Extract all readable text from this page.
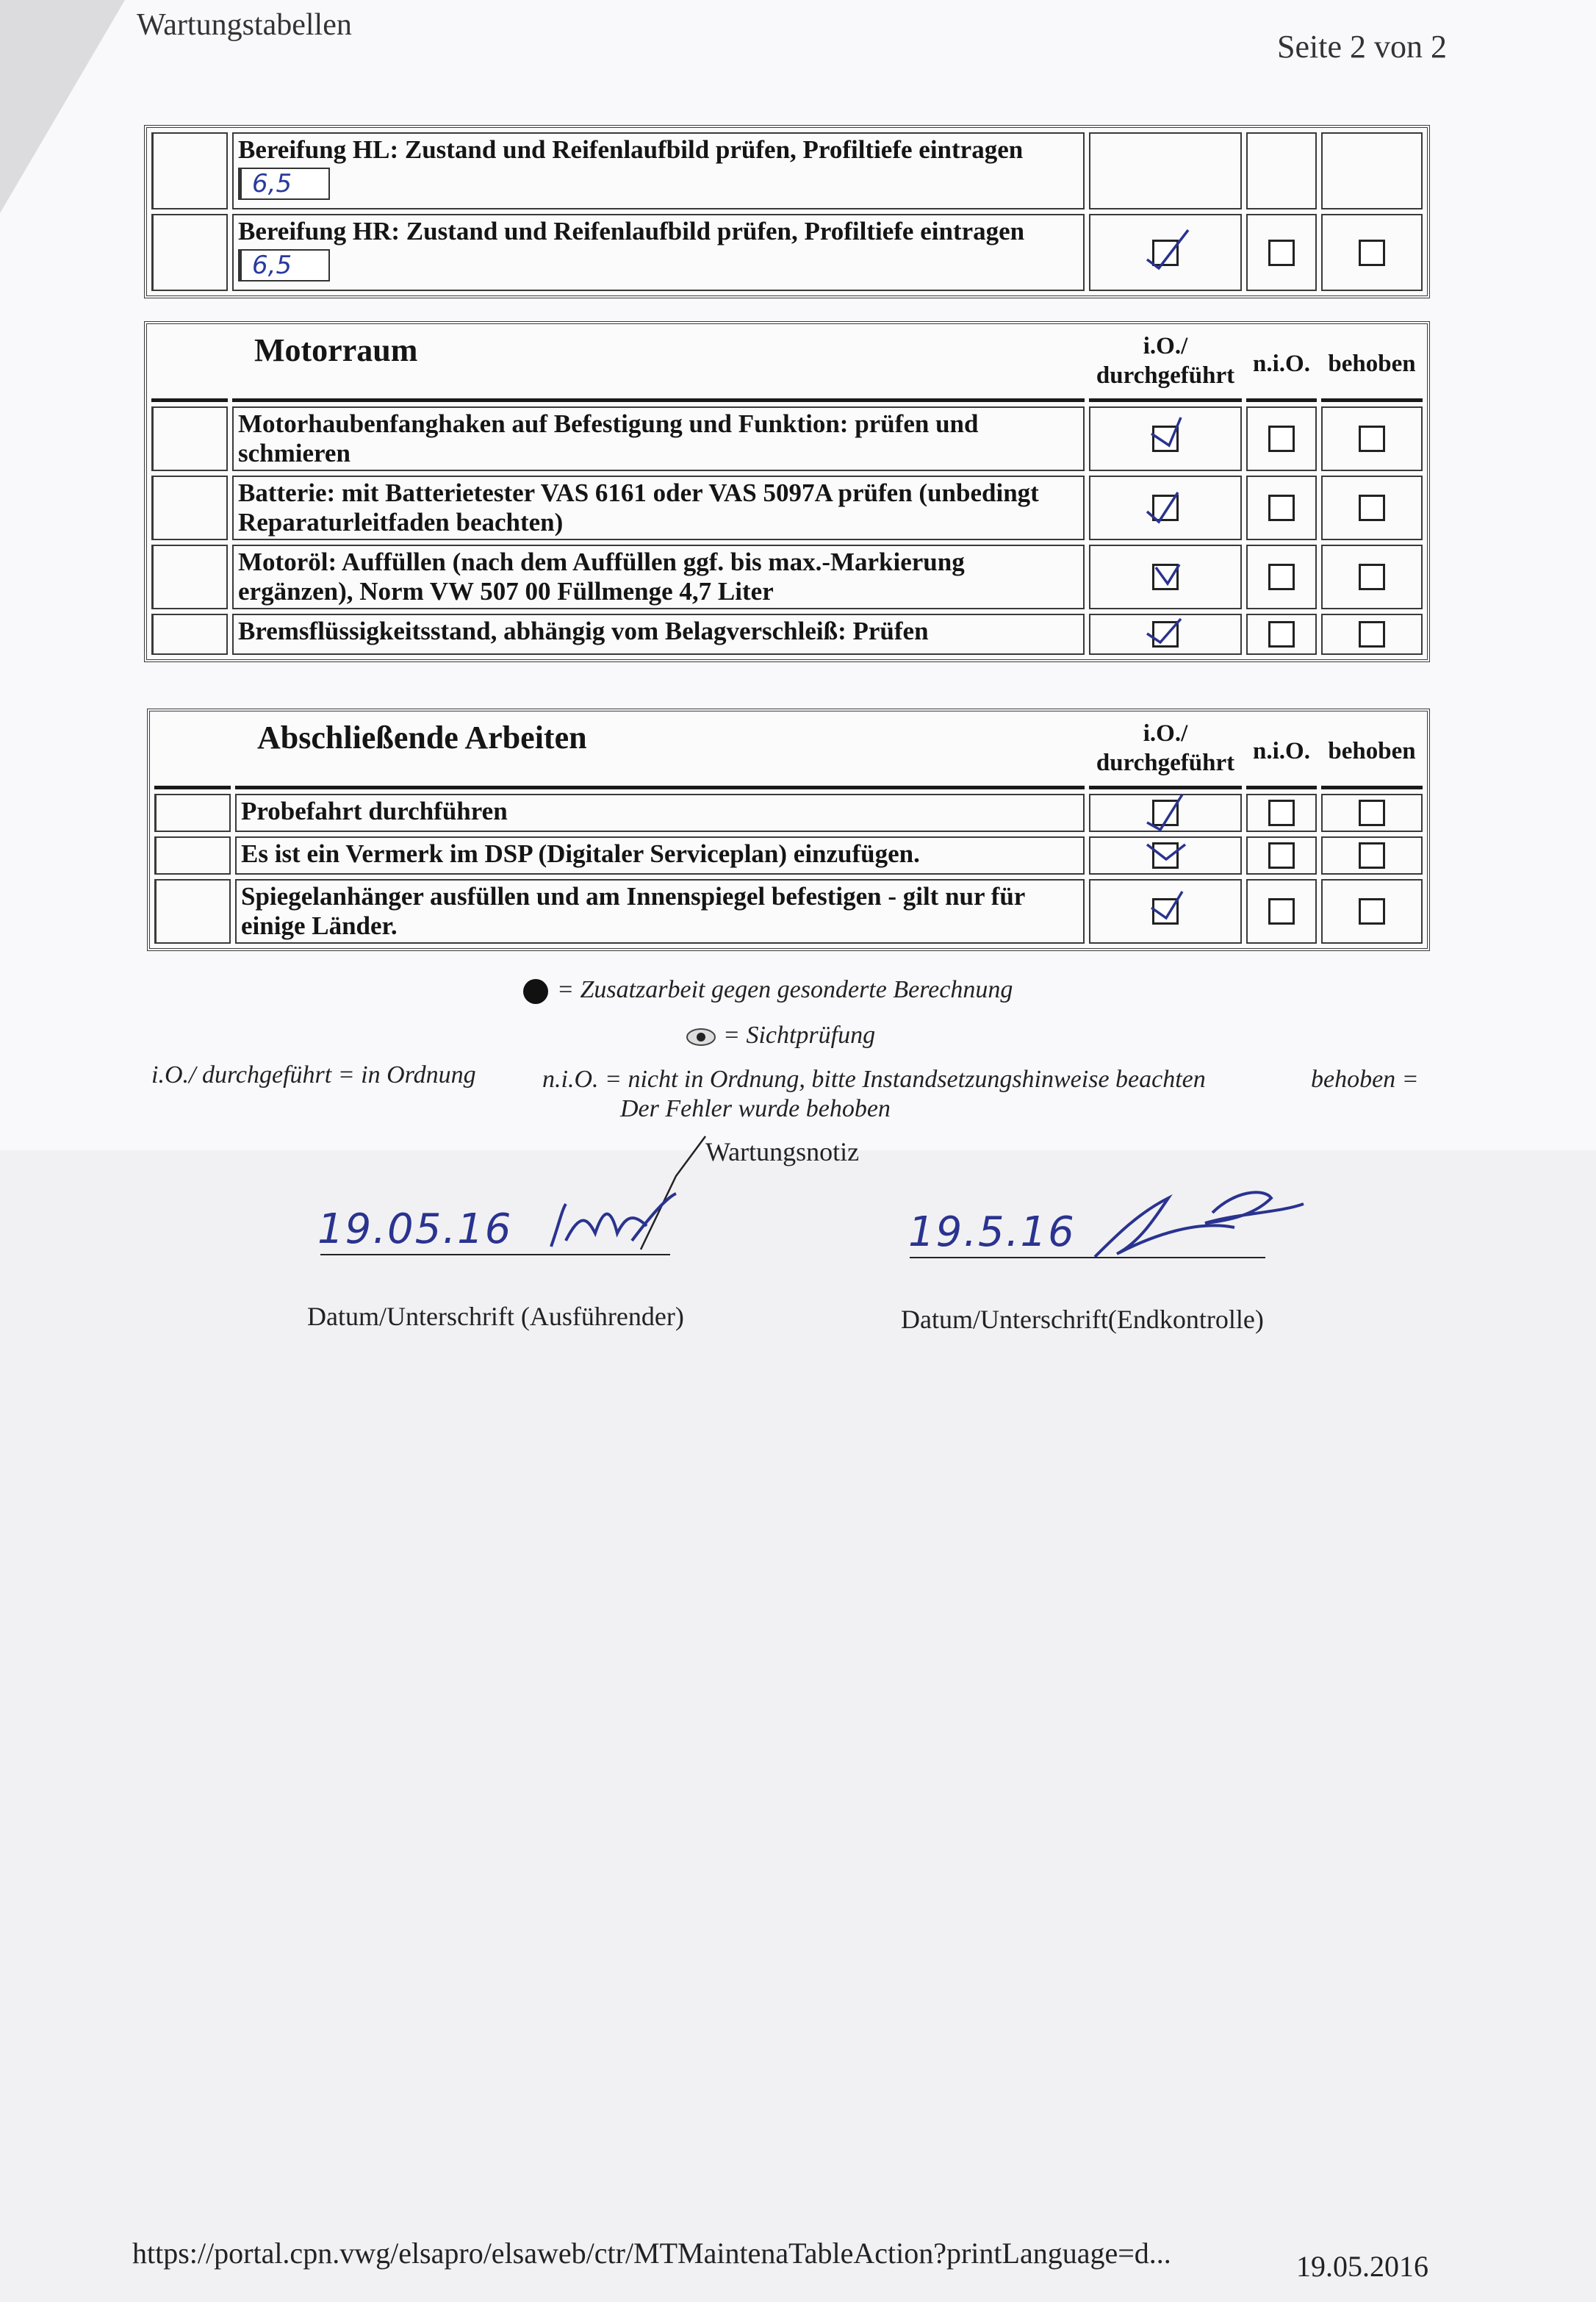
Wartungstabellen
Seite 2 von 2

	Bereifung HL: Zustand und Reifenlaufbild prüfen, Profiltiefe eintragen
6,5			

	Bereifung HR: Zustand und Reifenlaufbild prüfen, Profiltiefe eintragen
6,5

	Motorraum	i.O./ durchgeführt	n.i.O.	behoben
	Motorhaubenfanghaken auf Befestigung und Funktion: prüfen und schmieren	

	Batterie: mit Batterietester VAS 6161 oder VAS 5097A prüfen (unbedingt Reparaturleitfaden beachten)	

	Motoröl: Auffüllen (nach dem Auffüllen ggf. bis max.-Markierung ergänzen), Norm VW 507 00 Füllmenge 4,7 Liter	

	Bremsflüssigkeitsstand, abhängig vom Belagverschleiß: Prüfen	

	Abschließende Arbeiten	i.O./ durchgeführt	n.i.O.	behoben
	Probefahrt durchführen	

	Es ist ein Vermerk im DSP (Digitaler Serviceplan) einzufügen.	

	Spiegelanhänger ausfüllen und am Innenspiegel befestigen - gilt nur für einige Länder.	

= Zusatzarbeit gegen gesonderte Berechnung
= Sichtprüfung
i.O./ durchgeführt = in Ordnung	n.i.O. = nicht in Ordnung, bitte Instandsetzungshinweise beachten	behoben =
Der Fehler wurde behoben
Wartungsnotiz
19.05.16
Datum/Unterschrift (Ausführender)
19.5.16
Datum/Unterschrift(Endkontrolle)
https://portal.cpn.vwg/elsapro/elsaweb/ctr/MTMaintenaTableAction?printLanguage=d...	19.05.2016
